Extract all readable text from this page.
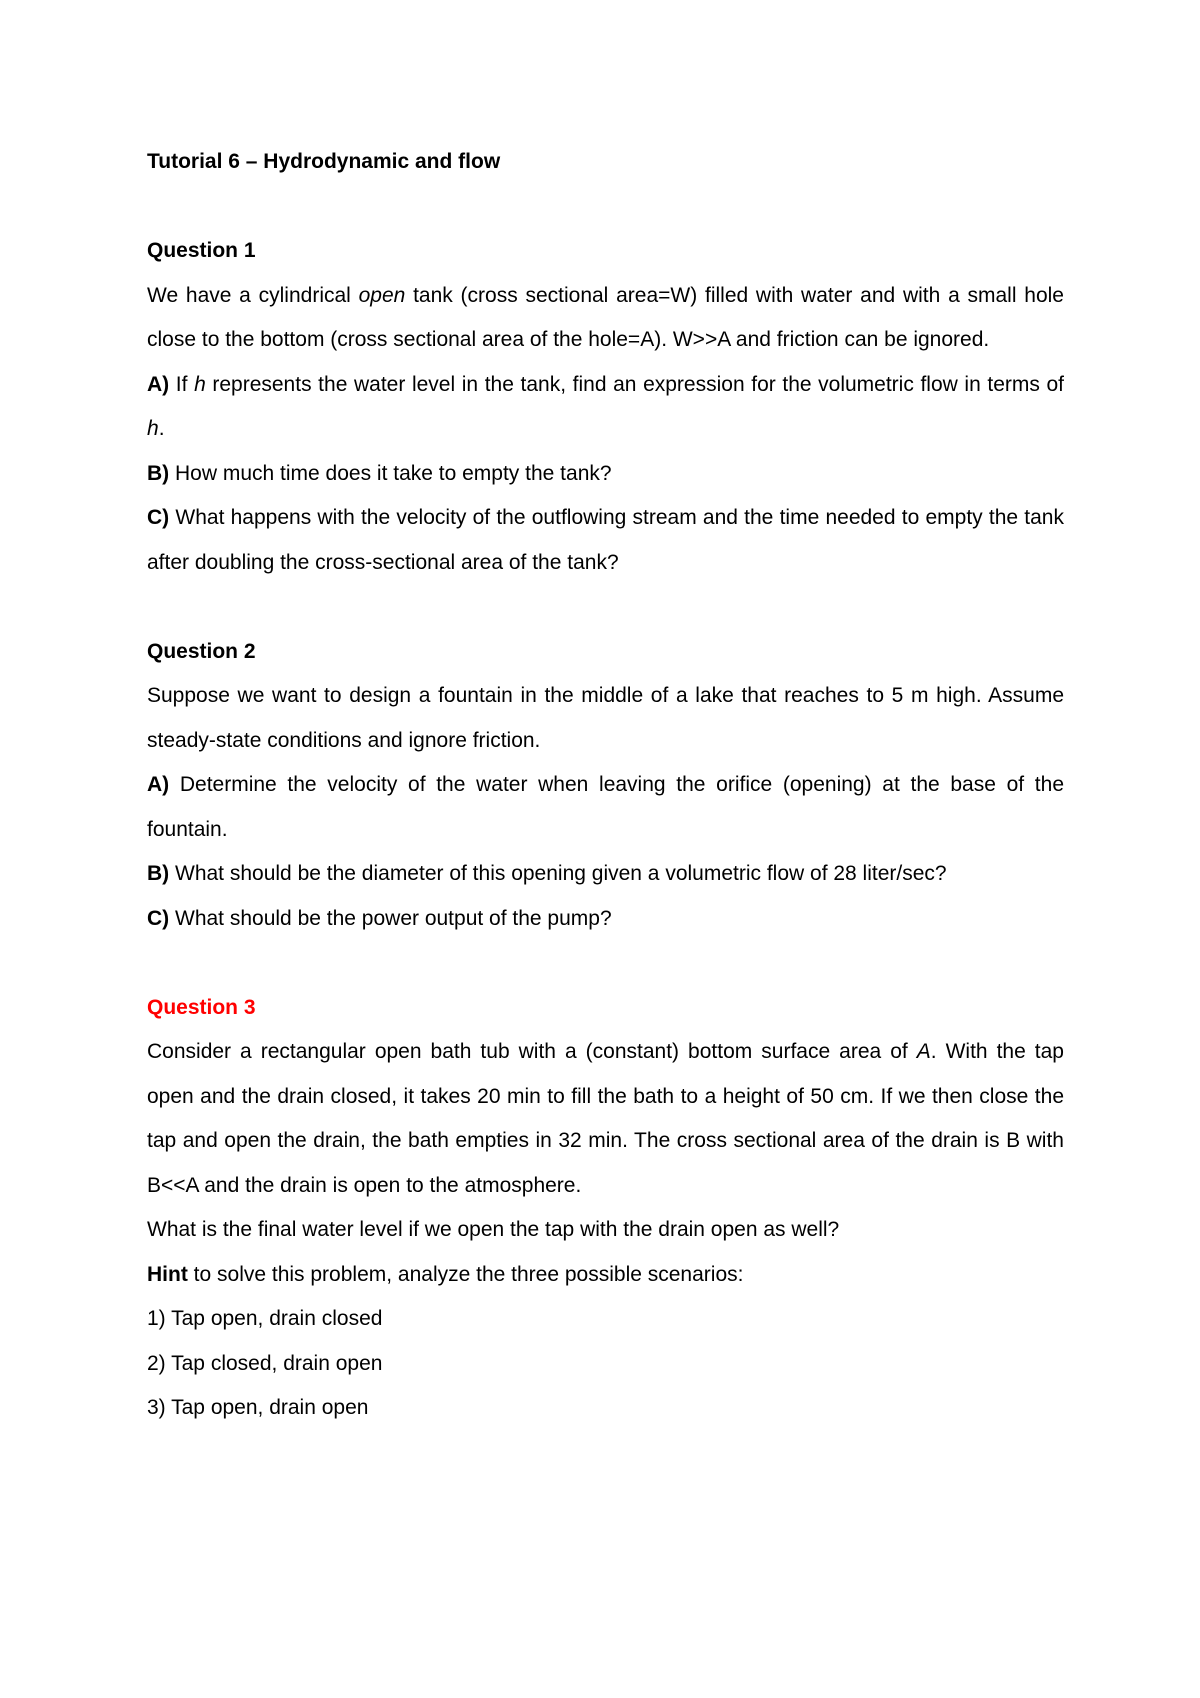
Tutorial 6 – Hydrodynamic and flow

Question 1

We have a cylindrical open tank (cross sectional area=W) filled with water and with a small hole close to the bottom (cross sectional area of the hole=A). W>>A and friction can be ignored.

A) If h represents the water level in the tank, find an expression for the volumetric flow in terms of h.

B) How much time does it take to empty the tank?

C) What happens with the velocity of the outflowing stream and the time needed to empty the tank after doubling the cross-sectional area of the tank?

Question 2

Suppose we want to design a fountain in the middle of a lake that reaches to 5 m high. Assume steady-state conditions and ignore friction.

A) Determine the velocity of the water when leaving the orifice (opening) at the base of the fountain.

B) What should be the diameter of this opening given a volumetric flow of 28 liter/sec?

C) What should be the power output of the pump?

Question 3

Consider a rectangular open bath tub with a (constant) bottom surface area of A. With the tap open and the drain closed, it takes 20 min to fill the bath to a height of 50 cm. If we then close the tap and open the drain, the bath empties in 32 min. The cross sectional area of the drain is B with B<<A and the drain is open to the atmosphere.

What is the final water level if we open the tap with the drain open as well?

Hint to solve this problem, analyze the three possible scenarios:

1) Tap open, drain closed

2) Tap closed, drain open

3) Tap open, drain open
